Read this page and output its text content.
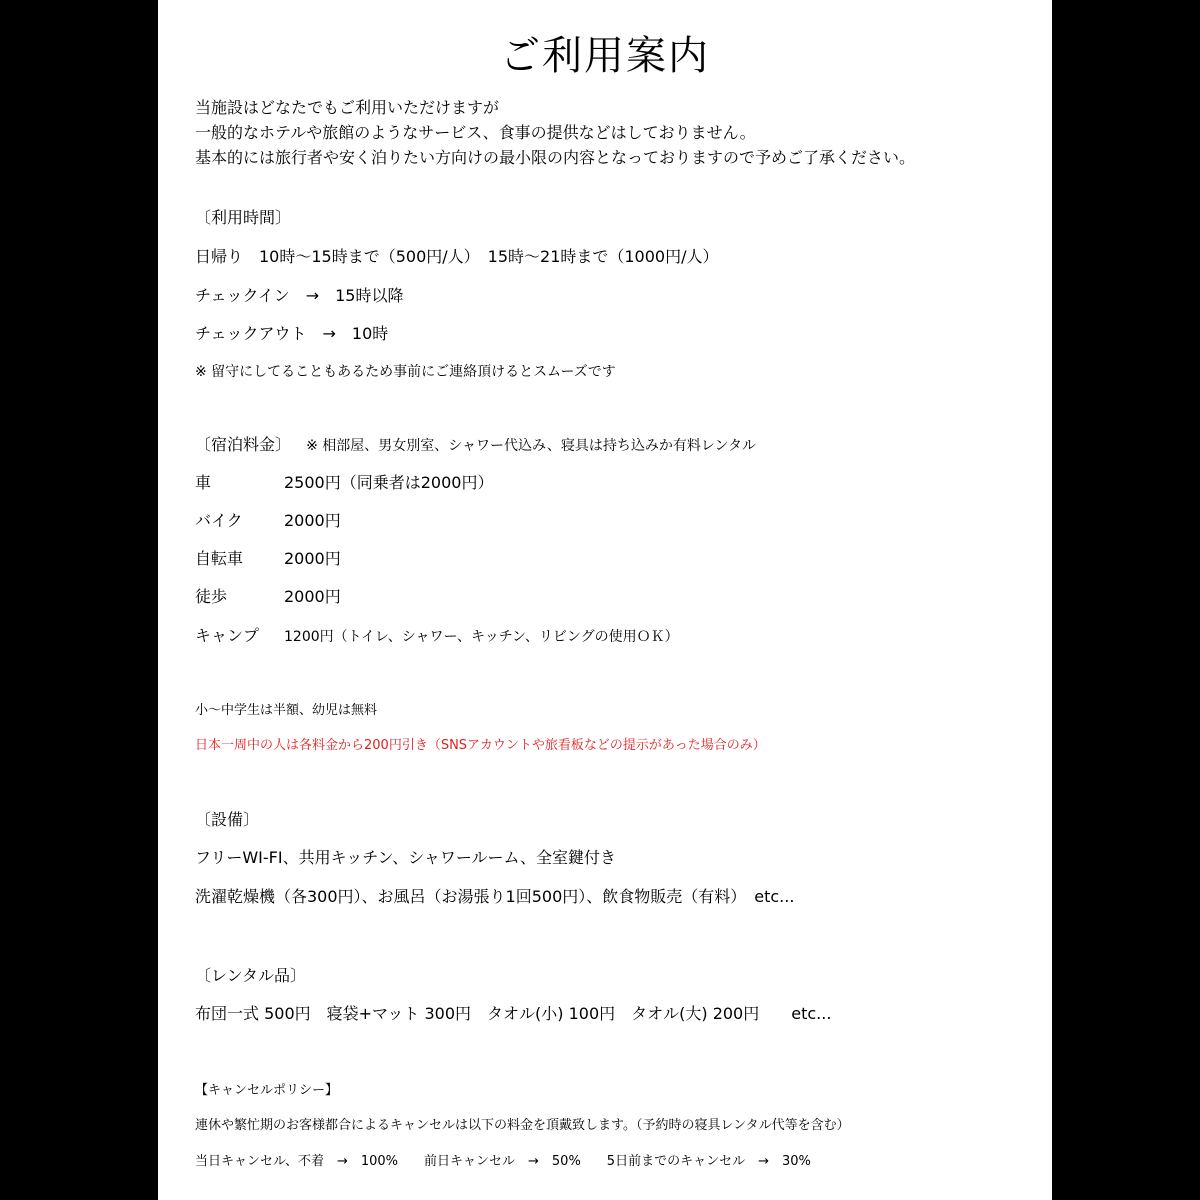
ご利用案内
当施設はどなたでもご利用いただけますが
一般的なホテルや旅館のようなサービス、食事の提供などはしておりません。
基本的には旅行者や安く泊りたい方向けの最小限の内容となっておりますので予めご了承ください。
〔利用時間〕
日帰り　10時～15時まで（500円/人）　15時～21時まで（1000円/人）
チェックイン　→　15時以降
チェックアウト　→　10時
※ 留守にしてることもあるため事前にご連絡頂けるとスムーズです
〔宿泊料金〕 ※ 相部屋、男女別室、シャワー代込み、寝具は持ち込みか有料レンタル
車	2500円（同乗者は2000円）
バイク	2000円
自転車	2000円
徒歩	2000円
キャンプ 1200円（トイレ、シャワー、キッチン、リビングの使用ＯＫ）
小～中学生は半額、幼児は無料
日本一周中の人は各料金から200円引き（SNSアカウントや旅看板などの提示があった場合のみ）
〔設備〕
フリーWI-FI、共用キッチン、シャワールーム、全室鍵付き
洗濯乾燥機（各300円）、お風呂（お湯張り1回500円）、飲食物販売（有料）　etc...
〔レンタル品〕
布団一式 500円　寝袋+マット 300円　タオル(小) 100円　タオル(大) 200円　　etc...
【キャンセルポリシー】
連休や繁忙期のお客様都合によるキャンセルは以下の料金を頂戴致します。（予約時の寝具レンタル代等を含む）
当日キャンセル、不着　→　100%　　前日キャンセル　→　50%　　5日前までのキャンセル　→　30%
